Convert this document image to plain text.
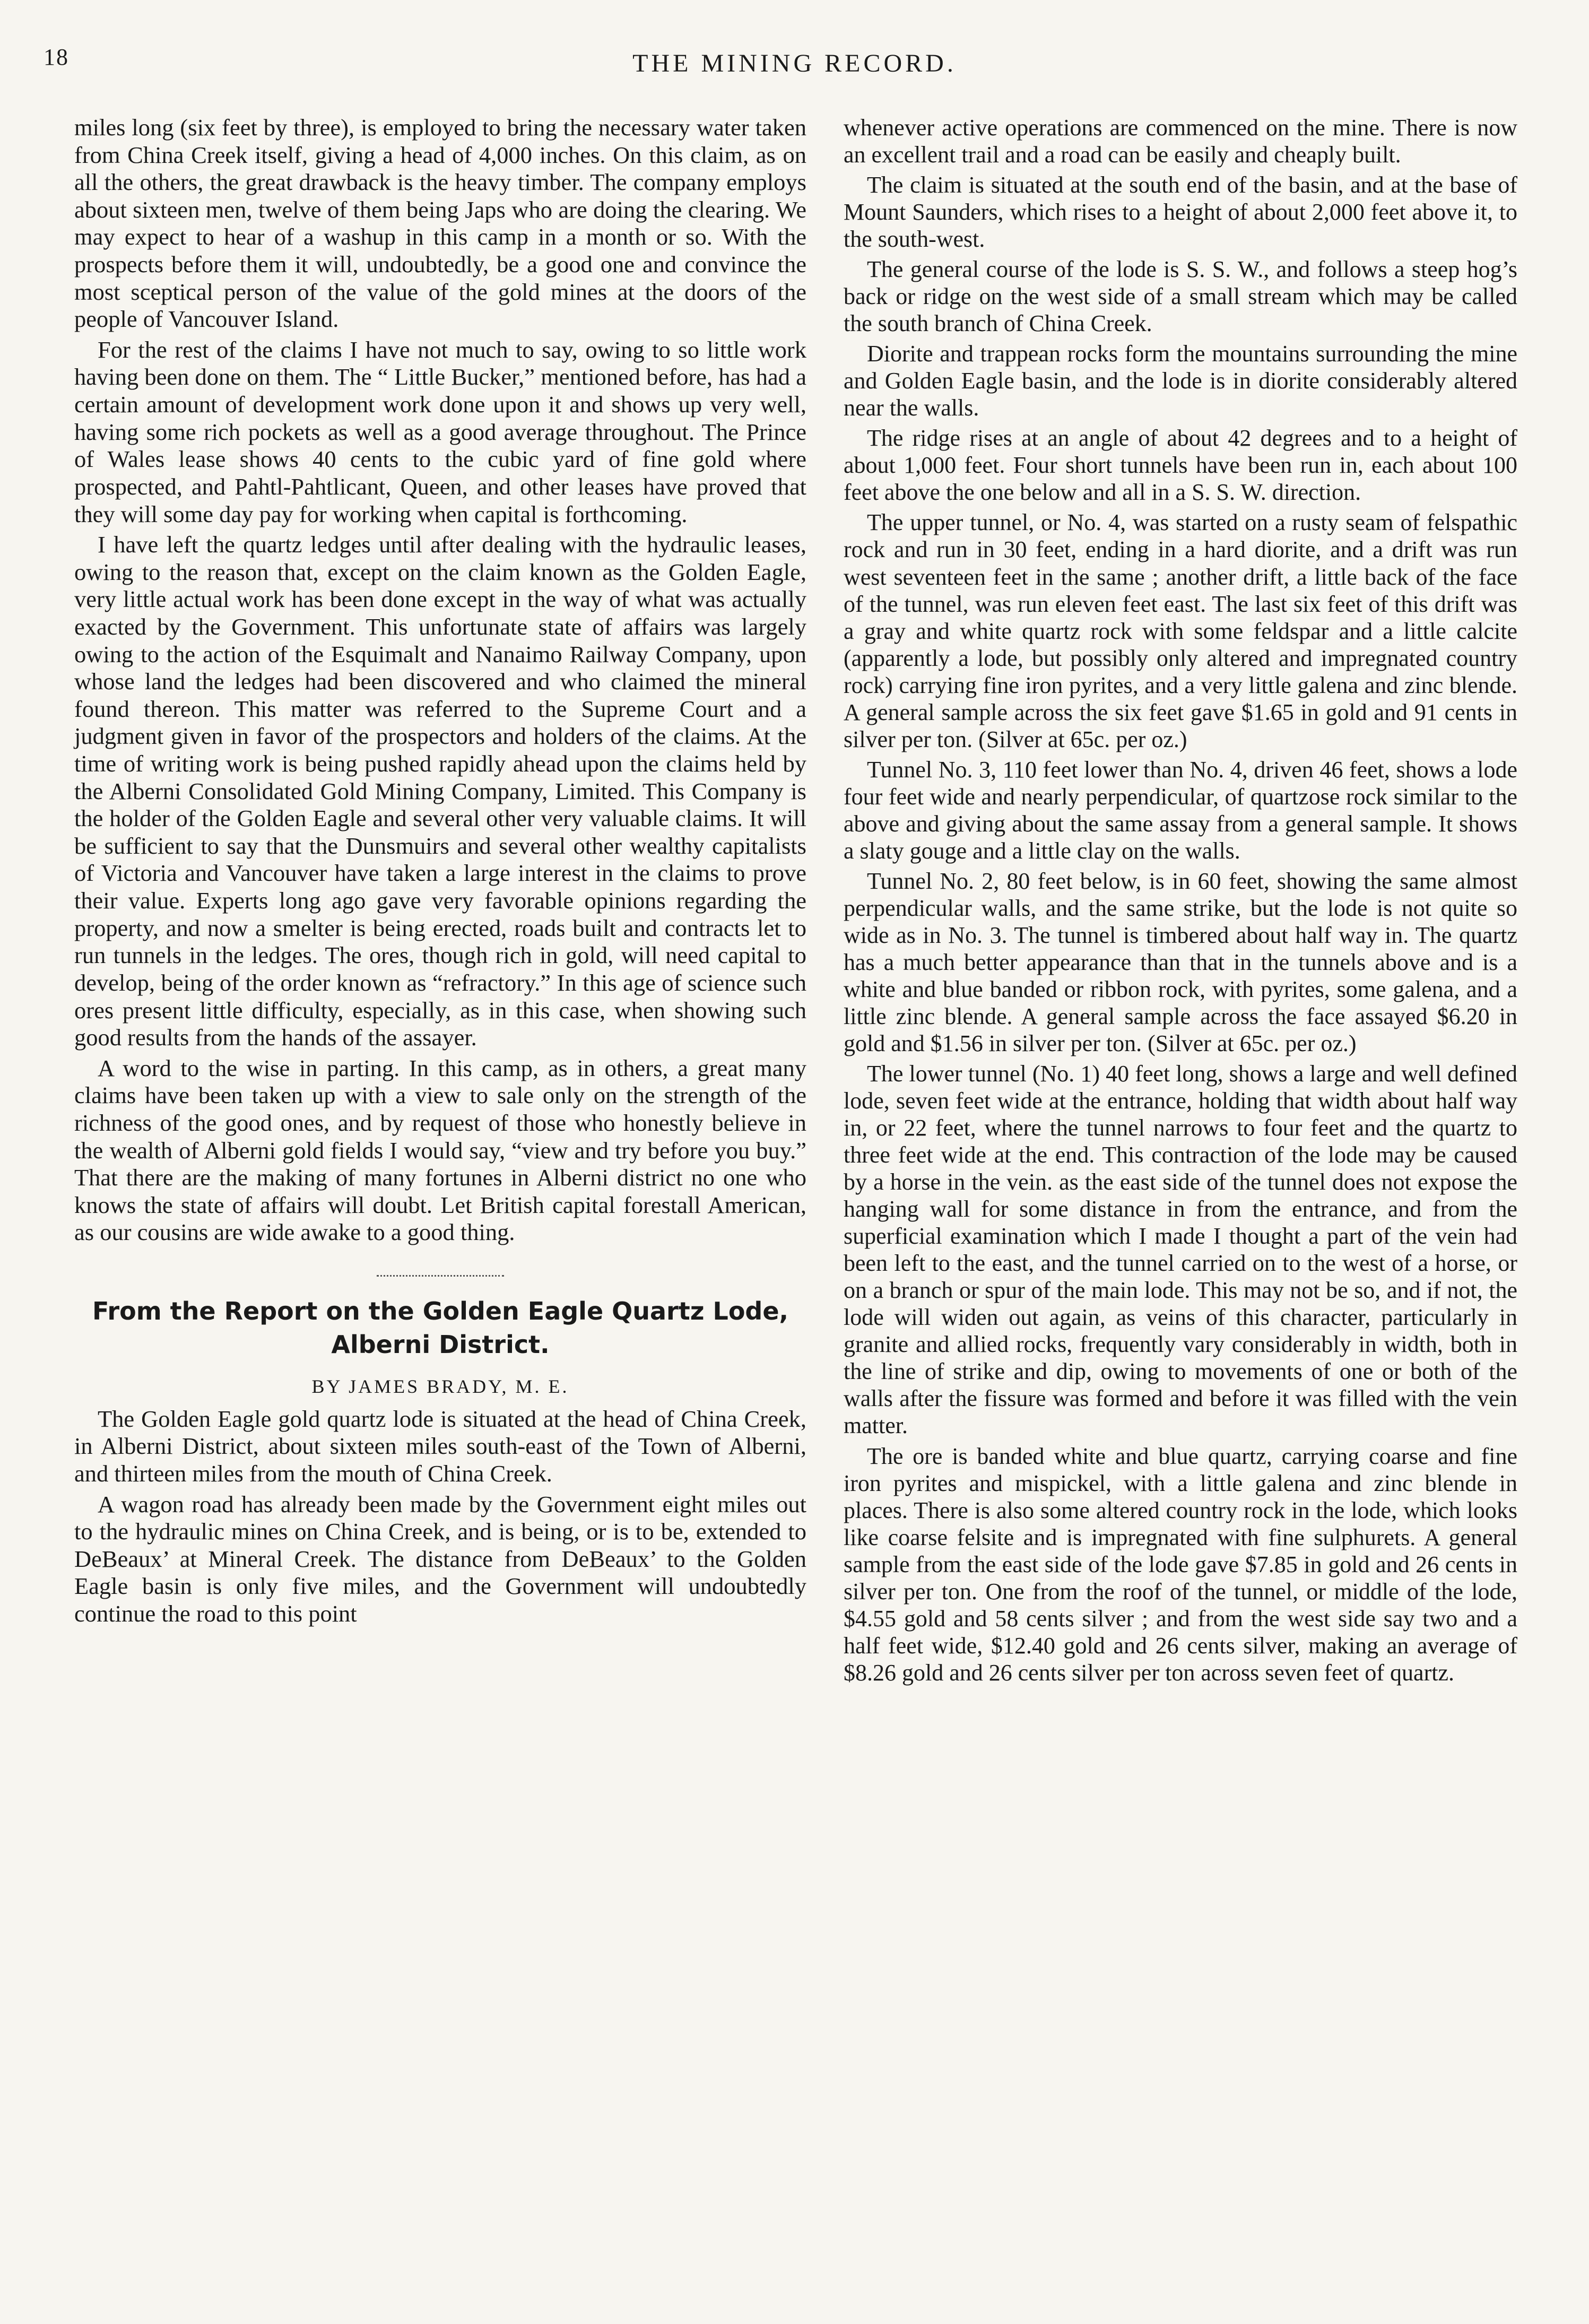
18	THE MINING RECORD.

miles long (six feet by three), is employed to bring the necessary water taken from China Creek itself, giving a head of 4,000 inches. On this claim, as on all the others, the great drawback is the heavy timber. The company employs about sixteen men, twelve of them being Japs who are doing the clearing. We may expect to hear of a washup in this camp in a month or so. With the prospects before them it will, undoubtedly, be a good one and convince the most sceptical person of the value of the gold mines at the doors of the people of Vancouver Island.

For the rest of the claims I have not much to say, owing to so little work having been done on them. The “ Little Bucker,” mentioned before, has had a certain amount of development work done upon it and shows up very well, having some rich pockets as well as a good average throughout. The Prince of Wales lease shows 40 cents to the cubic yard of fine gold where prospected, and Pahtl-Pahtlicant, Queen, and other leases have proved that they will some day pay for working when capital is forthcoming.

I have left the quartz ledges until after dealing with the hydraulic leases, owing to the reason that, except on the claim known as the Golden Eagle, very little actual work has been done except in the way of what was actually exacted by the Government. This unfortunate state of affairs was largely owing to the action of the Esquimalt and Nanaimo Railway Company, upon whose land the ledges had been discovered and who claimed the mineral found thereon. This matter was referred to the Supreme Court and a judgment given in favor of the prospectors and holders of the claims. At the time of writing work is being pushed rapidly ahead upon the claims held by the Alberni Consolidated Gold Mining Company, Limited. This Company is the holder of the Golden Eagle and several other very valuable claims. It will be sufficient to say that the Dunsmuirs and several other wealthy capitalists of Victoria and Vancouver have taken a large interest in the claims to prove their value. Experts long ago gave very favorable opinions regarding the property, and now a smelter is being erected, roads built and contracts let to run tunnels in the ledges. The ores, though rich in gold, will need capital to develop, being of the order known as “refractory.” In this age of science such ores present little difficulty, especially, as in this case, when showing such good results from the hands of the assayer.

A word to the wise in parting. In this camp, as in others, a great many claims have been taken up with a view to sale only on the strength of the richness of the good ones, and by request of those who honestly believe in the wealth of Alberni gold fields I would say, “view and try before you buy.” That there are the making of many fortunes in Alberni district no one who knows the state of affairs will doubt. Let British capital forestall American, as our cousins are wide awake to a good thing.

From the Report on the Golden Eagle Quartz Lode, Alberni District.
BY JAMES BRADY, M. E.

The Golden Eagle gold quartz lode is situated at the head of China Creek, in Alberni District, about sixteen miles south-east of the Town of Alberni, and thirteen miles from the mouth of China Creek.

A wagon road has already been made by the Government eight miles out to the hydraulic mines on China Creek, and is being, or is to be, extended to DeBeaux’ at Mineral Creek. The distance from DeBeaux’ to the Golden Eagle basin is only five miles, and the Government will undoubtedly continue the road to this point

whenever active operations are commenced on the mine. There is now an excellent trail and a road can be easily and cheaply built.

The claim is situated at the south end of the basin, and at the base of Mount Saunders, which rises to a height of about 2,000 feet above it, to the south-west.

The general course of the lode is S. S. W., and follows a steep hog’s back or ridge on the west side of a small stream which may be called the south branch of China Creek.

Diorite and trappean rocks form the mountains surrounding the mine and Golden Eagle basin, and the lode is in diorite considerably altered near the walls.

The ridge rises at an angle of about 42 degrees and to a height of about 1,000 feet. Four short tunnels have been run in, each about 100 feet above the one below and all in a S. S. W. direction.

The upper tunnel, or No. 4, was started on a rusty seam of felspathic rock and run in 30 feet, ending in a hard diorite, and a drift was run west seventeen feet in the same ; another drift, a little back of the face of the tunnel, was run eleven feet east. The last six feet of this drift was a gray and white quartz rock with some feldspar and a little calcite (apparently a lode, but possibly only altered and impregnated country rock) carrying fine iron pyrites, and a very little galena and zinc blende. A general sample across the six feet gave $1.65 in gold and 91 cents in silver per ton. (Silver at 65c. per oz.)

Tunnel No. 3, 110 feet lower than No. 4, driven 46 feet, shows a lode four feet wide and nearly perpendicular, of quartzose rock similar to the above and giving about the same assay from a general sample. It shows a slaty gouge and a little clay on the walls.

Tunnel No. 2, 80 feet below, is in 60 feet, showing the same almost perpendicular walls, and the same strike, but the lode is not quite so wide as in No. 3. The tunnel is timbered about half way in. The quartz has a much better appearance than that in the tunnels above and is a white and blue banded or ribbon rock, with pyrites, some galena, and a little zinc blende. A general sample across the face assayed $6.20 in gold and $1.56 in silver per ton. (Silver at 65c. per oz.)

The lower tunnel (No. 1) 40 feet long, shows a large and well defined lode, seven feet wide at the entrance, holding that width about half way in, or 22 feet, where the tunnel narrows to four feet and the quartz to three feet wide at the end. This contraction of the lode may be caused by a horse in the vein. as the east side of the tunnel does not expose the hanging wall for some distance in from the entrance, and from the superficial examination which I made I thought a part of the vein had been left to the east, and the tunnel carried on to the west of a horse, or on a branch or spur of the main lode. This may not be so, and if not, the lode will widen out again, as veins of this character, particularly in granite and allied rocks, frequently vary considerably in width, both in the line of strike and dip, owing to movements of one or both of the walls after the fissure was formed and before it was filled with the vein matter.

The ore is banded white and blue quartz, carrying coarse and fine iron pyrites and mispickel, with a little galena and zinc blende in places. There is also some altered country rock in the lode, which looks like coarse felsite and is impregnated with fine sulphurets. A general sample from the east side of the lode gave $7.85 in gold and 26 cents in silver per ton. One from the roof of the tunnel, or middle of the lode, $4.55 gold and 58 cents silver ; and from the west side say two and a half feet wide, $12.40 gold and 26 cents silver, making an average of $8.26 gold and 26 cents silver per ton across seven feet of quartz.
